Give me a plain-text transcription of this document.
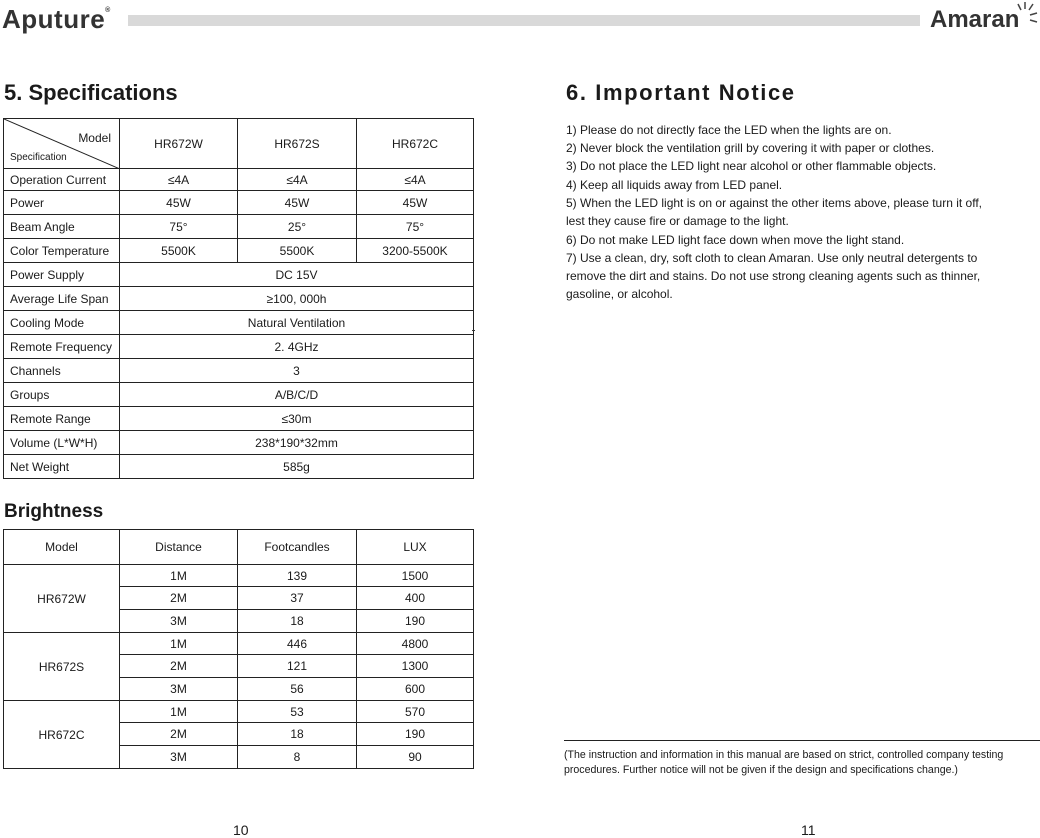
Aputure®	Amaran
5. Specifications
Model
Specification	HR672W	HR672S	HR672C
Operation Current	≤4A	≤4A	≤4A
Power	45W	45W	45W
Beam Angle	75°	25°	75°
Color Temperature	5500K	5500K	3200-5500K
Power Supply	DC 15V		
Average Life Span	≥100, 000h		
Cooling Mode	Natural Ventilation		
Remote Frequency	2. 4GHz		
Channels	3		
Groups	A/B/C/D		
Remote Range	≤30m		
Volume (L*W*H)	238*190*32mm		
Net Weight	585g		
Brightness
Model	Distance	Footcandles	LUX
HR672W	1M	139	1500
	2M	37	400
	3M	18	190
HR672S	1M	446	4800
	2M	121	1300
	3M	56	600
HR672C	1M	53	570
	2M	18	190
	3M	8	90
10
6. Important Notice
1) Please do not directly face the LED when the lights are on.
2) Never block the ventilation grill by covering it with paper or clothes.
3) Do not place the LED light near alcohol or other flammable objects.
4) Keep all liquids away from LED panel.
5) When the LED light is on or against the other items above, please turn it off,
lest they cause fire or damage to the light.
6) Do not make LED light face down when move the light stand.
7) Use a clean, dry, soft cloth to clean Amaran. Use only neutral detergents to
remove the dirt and stains. Do not use strong cleaning agents such as thinner,
gasoline, or alcohol.
(The instruction and information in this manual are based on strict, controlled company testing
procedures. Further notice will not be given if the design and specifications change.)
11
